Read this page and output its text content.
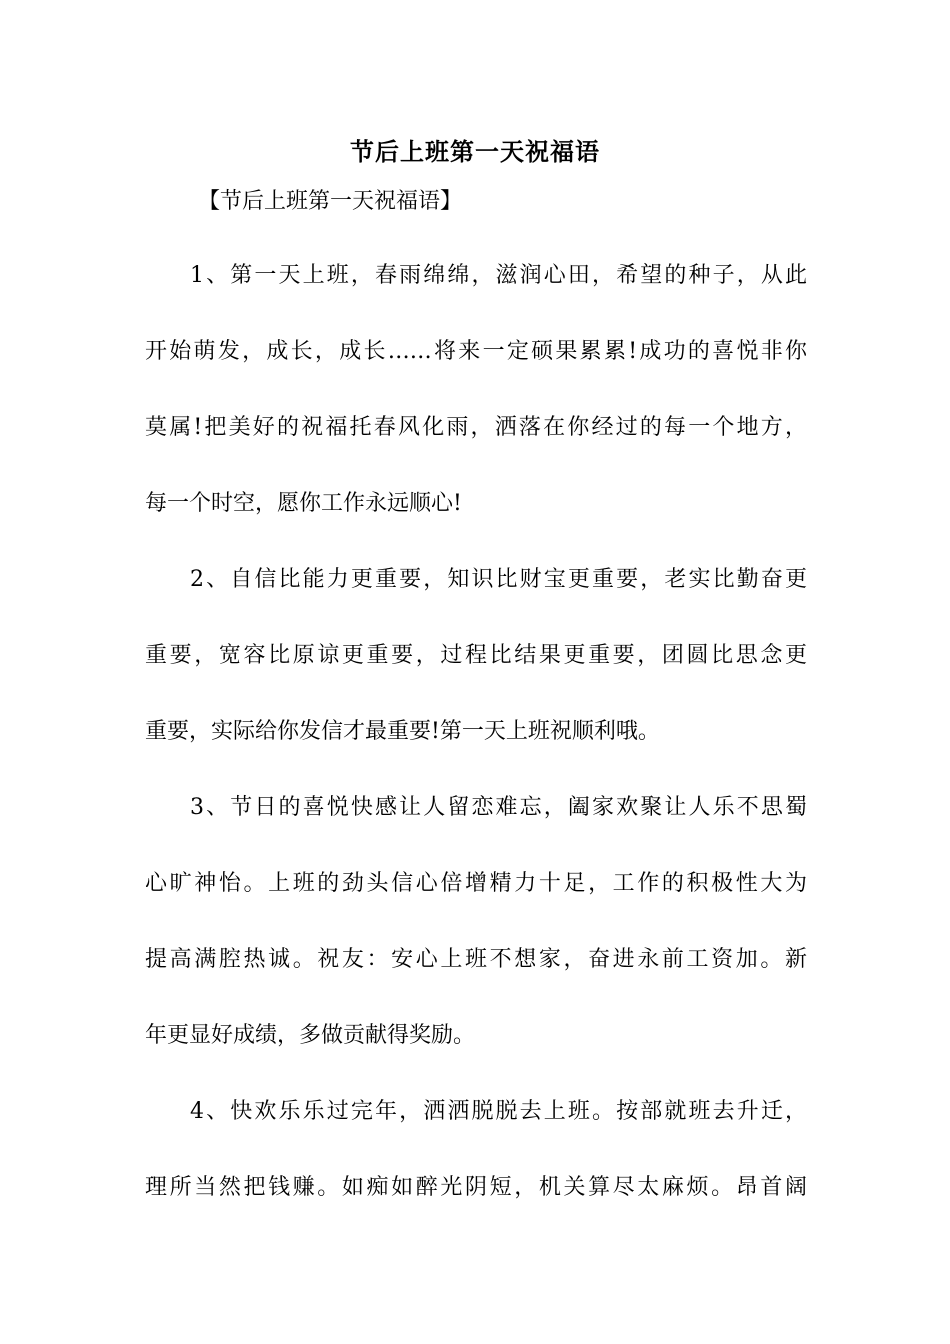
节后上班第一天祝福语
【节后上班第一天祝福语】
1、第一天上班，春雨绵绵，滋润心田，希望的种子，从此
开始萌发，成长，成长……将来一定硕果累累!成功的喜悦非你
莫属!把美好的祝福托春风化雨，洒落在你经过的每一个地方，
每一个时空，愿你工作永远顺心!
2、自信比能力更重要，知识比财宝更重要，老实比勤奋更
重要，宽容比原谅更重要，过程比结果更重要，团圆比思念更
重要，实际给你发信才最重要!第一天上班祝顺利哦。
3、节日的喜悦快感让人留恋难忘，阖家欢聚让人乐不思蜀
心旷神怡。上班的劲头信心倍增精力十足，工作的积极性大为
提高满腔热诚。祝友：安心上班不想家，奋进永前工资加。新
年更显好成绩，多做贡献得奖励。
4、快欢乐乐过完年，洒洒脱脱去上班。按部就班去升迁，
理所当然把钱赚。如痴如醉光阴短，机关算尽太麻烦。昂首阔
